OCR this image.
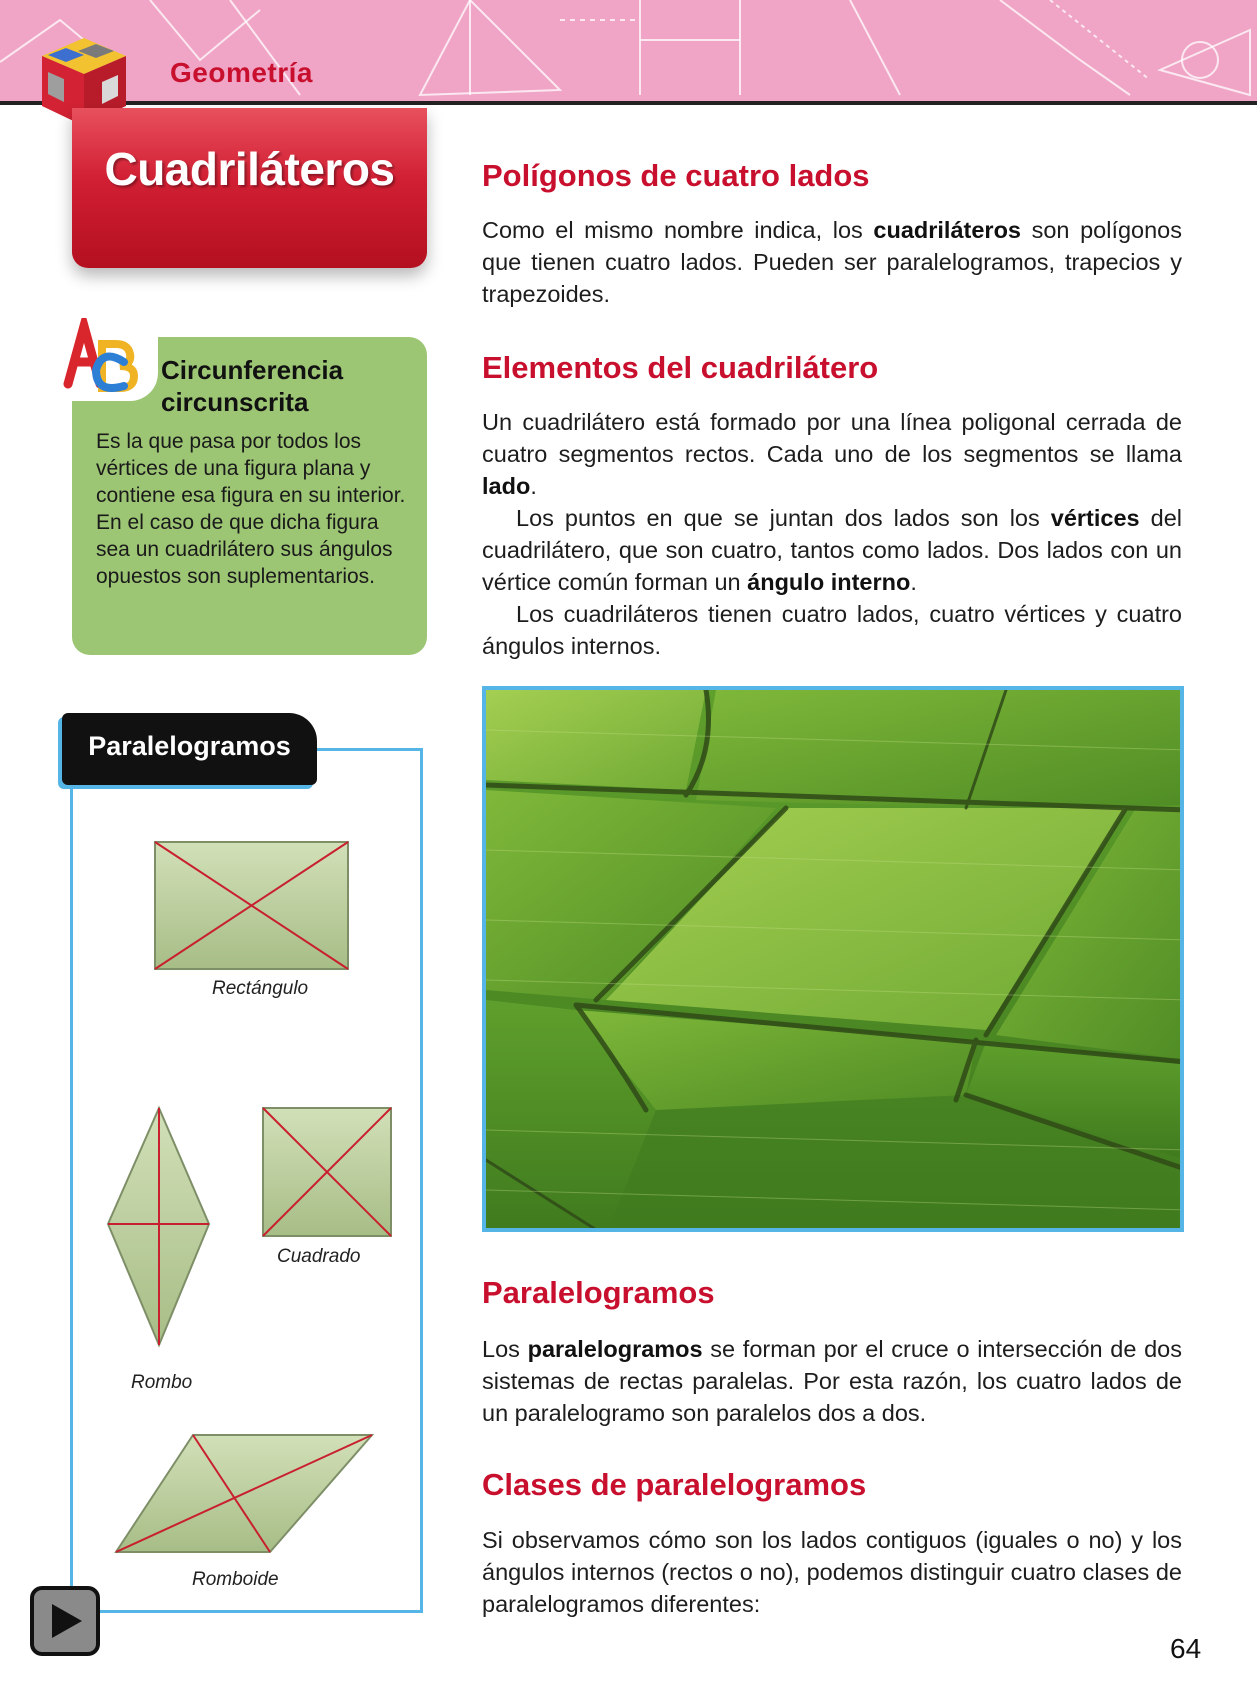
Geometría
Cuadriláteros
Circunferencia
circunscrita
Es la que pasa por todos los vértices de una figura plana y contiene esa figura en su interior. En el caso de que dicha figura sea un cuadrilátero sus ángulos opuestos son suplementarios.
Paralelogramos
Rectángulo
Rombo
Cuadrado
Romboide
Polígonos de cuatro lados
Como el mismo nombre indica, los cuadriláteros son polígonos que tienen cuatro lados. Pueden ser paralelogramos, trapecios y trapezoides.
Elementos del cuadrilátero
Un cuadrilátero está formado por una línea poligonal cerrada de cuatro segmentos rectos. Cada uno de los segmentos se llama lado.
Los puntos en que se juntan dos lados son los vértices del cuadrilátero, que son cuatro, tantos como lados. Dos lados con un vértice común forman un ángulo interno.
Los cuadriláteros tienen cuatro lados, cuatro vértices y cuatro ángulos internos.
Paralelogramos
Los paralelogramos se forman por el cruce o intersección de dos sistemas de rectas paralelas. Por esta razón, los cuatro lados de un paralelogramo son paralelos dos a dos.
Clases de paralelogramos
Si observamos cómo son los lados contiguos (iguales o no) y los ángulos internos (rectos o no), podemos distinguir cuatro clases de paralelogramos diferentes:
64
